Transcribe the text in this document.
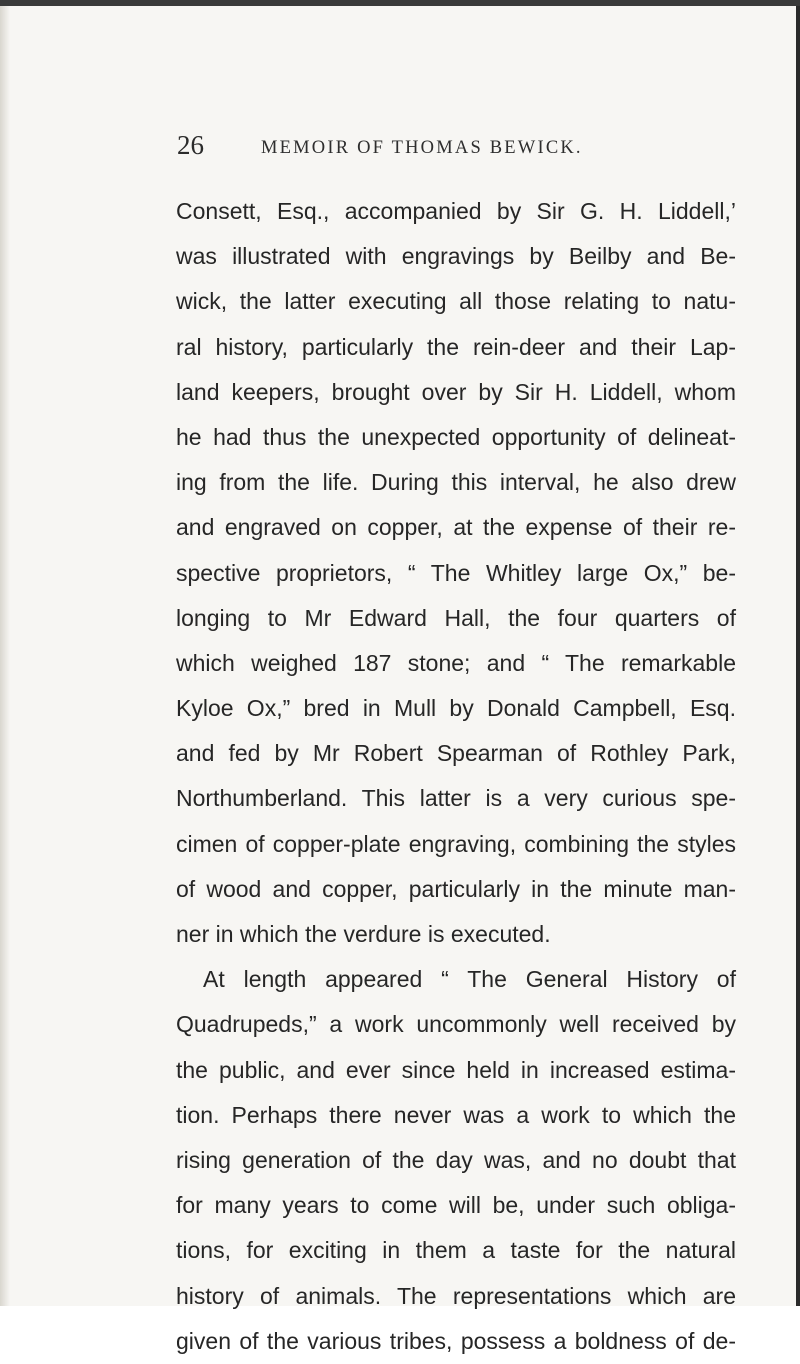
26	MEMOIR OF THOMAS BEWICK.
Consett, Esq., accompanied by Sir G. H. Liddell,’
was illustrated with engravings by Beilby and Be-
wick, the latter executing all those relating to natu-
ral history, particularly the rein-deer and their Lap-
land keepers, brought over by Sir H. Liddell, whom
he had thus the unexpected opportunity of delineat-
ing from the life. During this interval, he also drew
and engraved on copper, at the expense of their re-
spective proprietors, “ The Whitley large Ox,” be-
longing to Mr Edward Hall, the four quarters of
which weighed 187 stone; and “ The remarkable
Kyloe Ox,” bred in Mull by Donald Campbell, Esq.
and fed by Mr Robert Spearman of Rothley Park,
Northumberland. This latter is a very curious spe-
cimen of copper-plate engraving, combining the styles
of wood and copper, particularly in the minute man-
ner in which the verdure is executed.
At length appeared “ The General History of
Quadrupeds,” a work uncommonly well received by
the public, and ever since held in increased estima-
tion. Perhaps there never was a work to which the
rising generation of the day was, and no doubt that
for many years to come will be, under such obliga-
tions, for exciting in them a taste for the natural
history of animals. The representations which are
given of the various tribes, possess a boldness of de-
